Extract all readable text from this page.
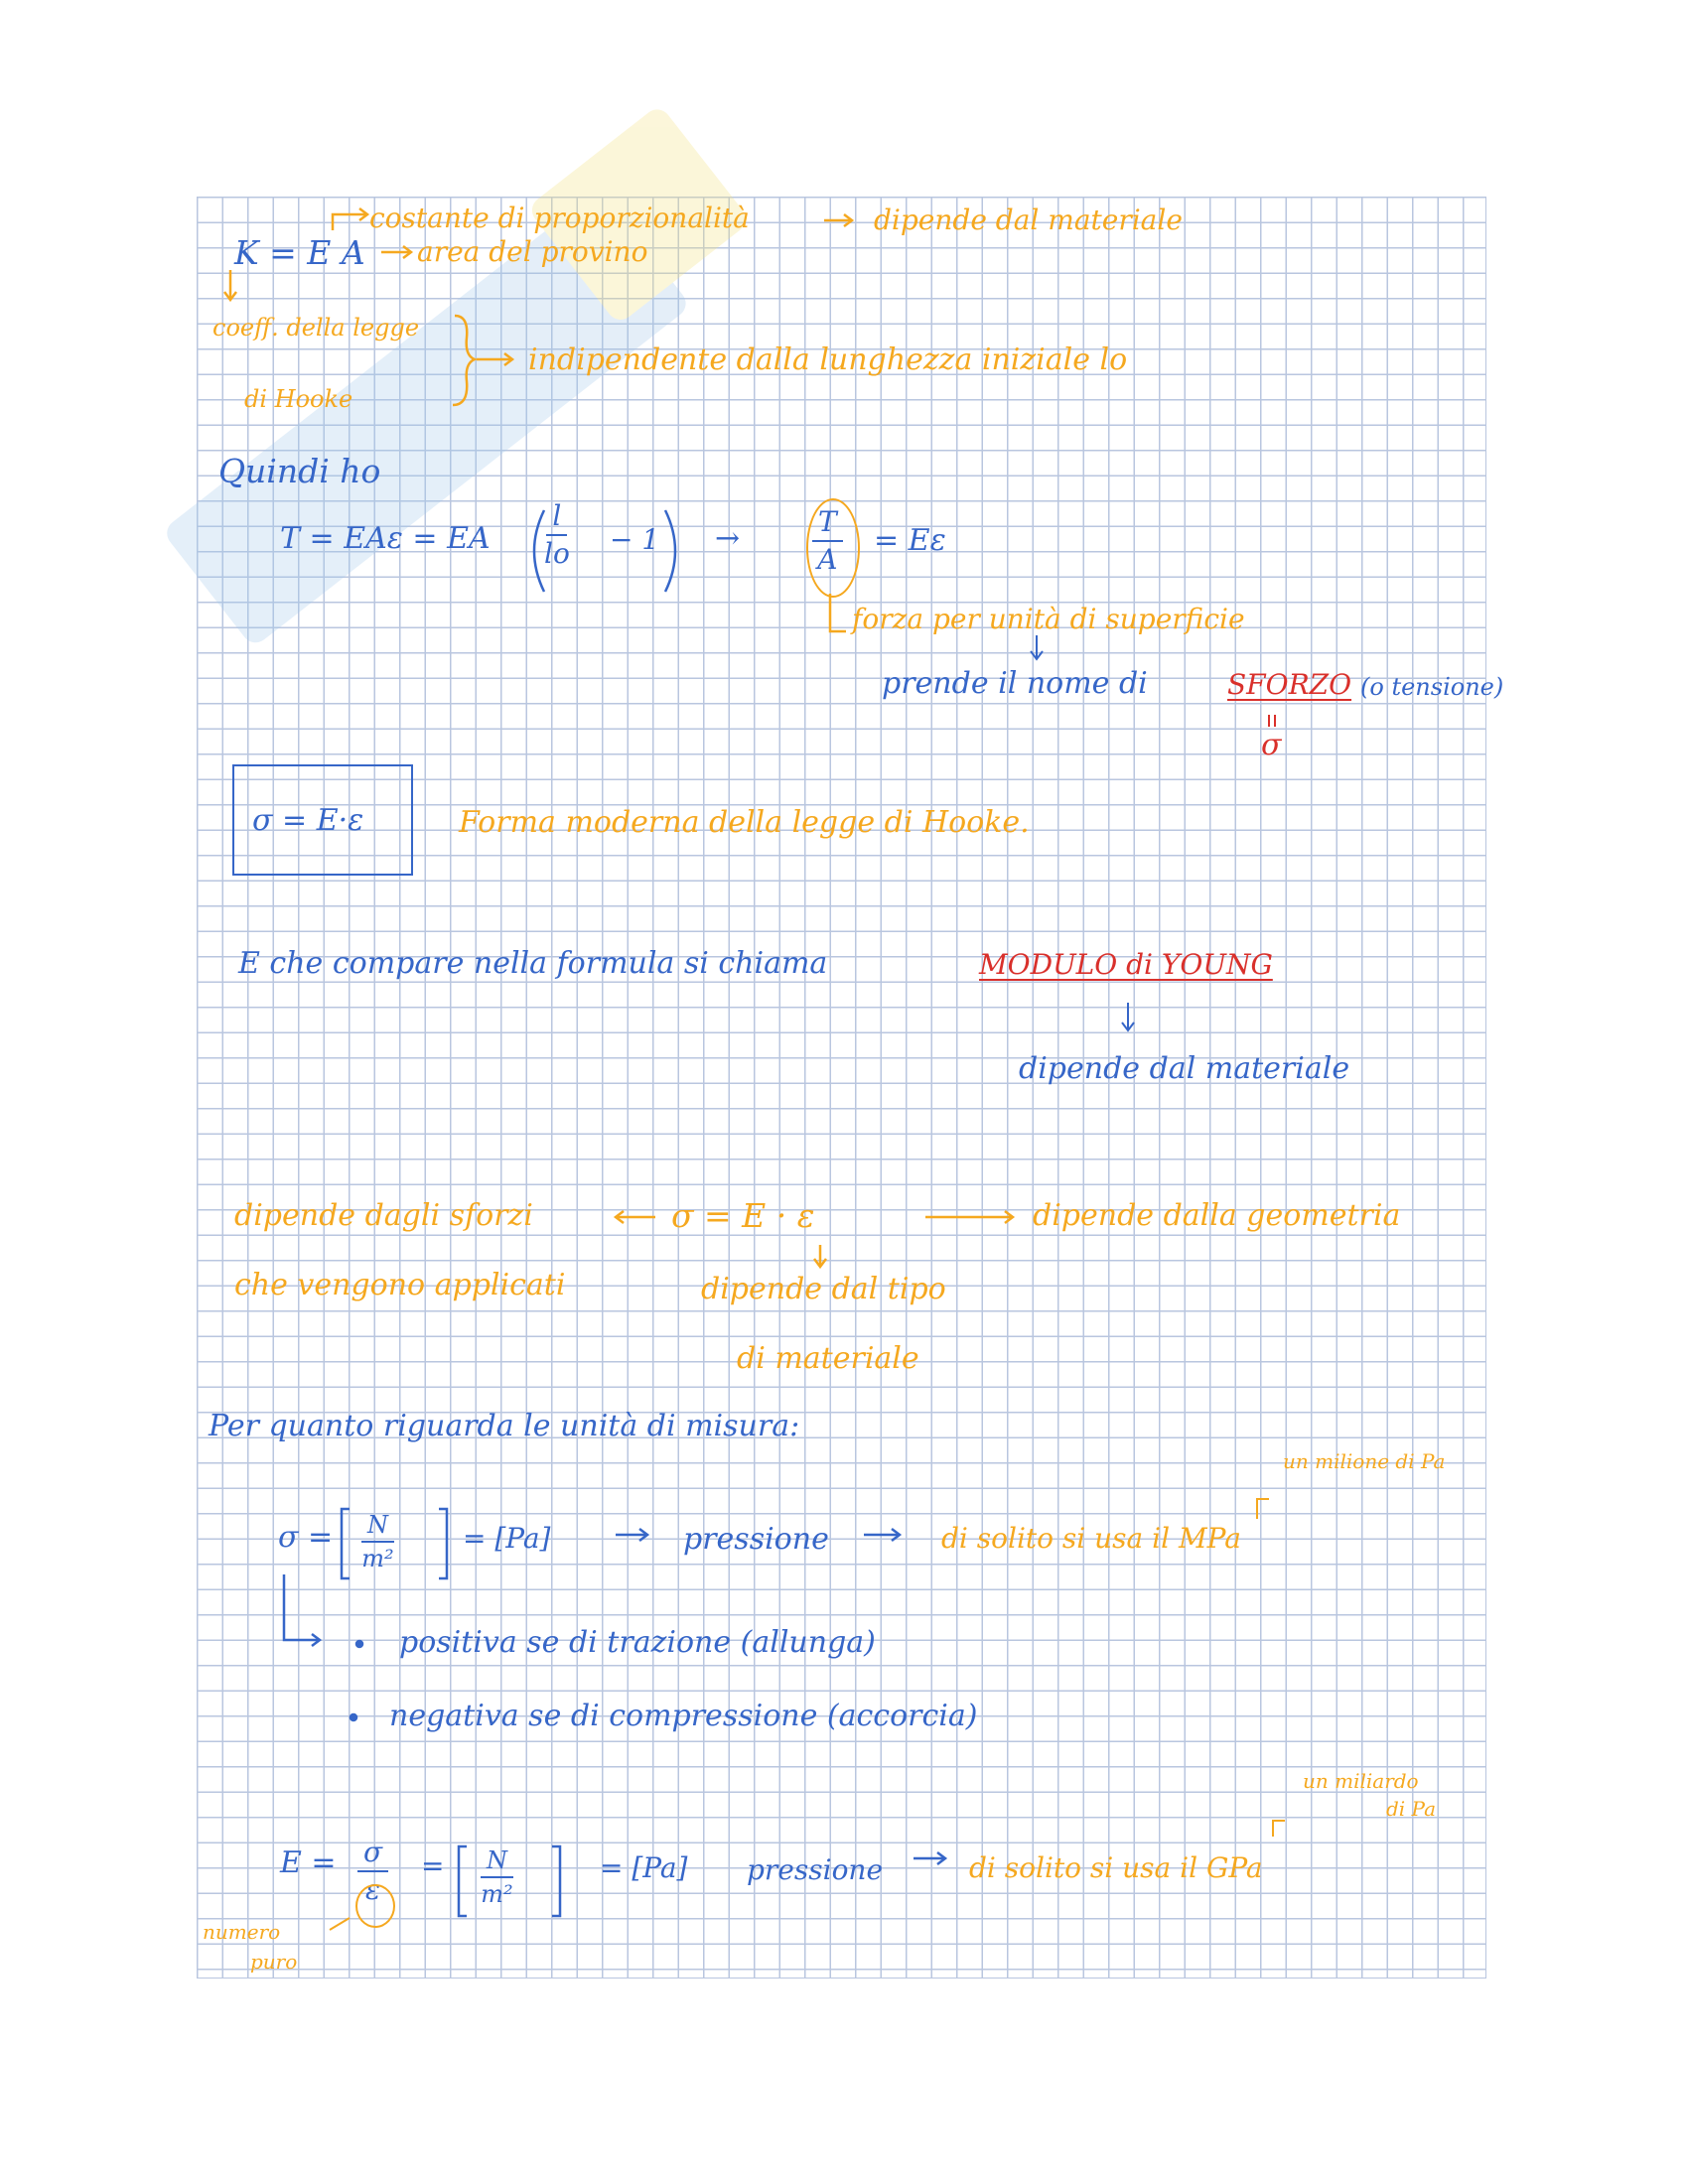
costante di proporzionalità	dipende dal materiale
K = E A area del provino
coeff. della legge
di Hooke
indipendente dalla lunghezza iniziale lo
Quindi ho
T = EAε = EA $\frac{l}{lo} - 1$ →	$\frac{T}{A} = E\varepsilon$
forza per unità di superficie
prende il nome di	SFORZO (o tensione)
σ
σ = E·ε	Forma moderna della legge di Hooke.
E che compare nella formula si chiama	MODULO di YOUNG
dipende dal materiale
dipende dagli sforzi
che vengono applicati
σ = E · ε	dipende dalla geometria
dipende dal tipo
di materiale
Per quanto riguarda le unità di misura:
un milione di Pa
$\sigma = \frac{N}{\text{m²}} = [Pa]$	pressione	di solito si usa il MPa
positiva se di trazione (allunga)
negativa se di compressione (accorcia)
un miliardo
di Pa
$E = \frac{\sigma}{\varepsilon} = \frac{N}{\text{m²}}$	= [Pa] pressione	di solito si usa il GPa
numero
puro
